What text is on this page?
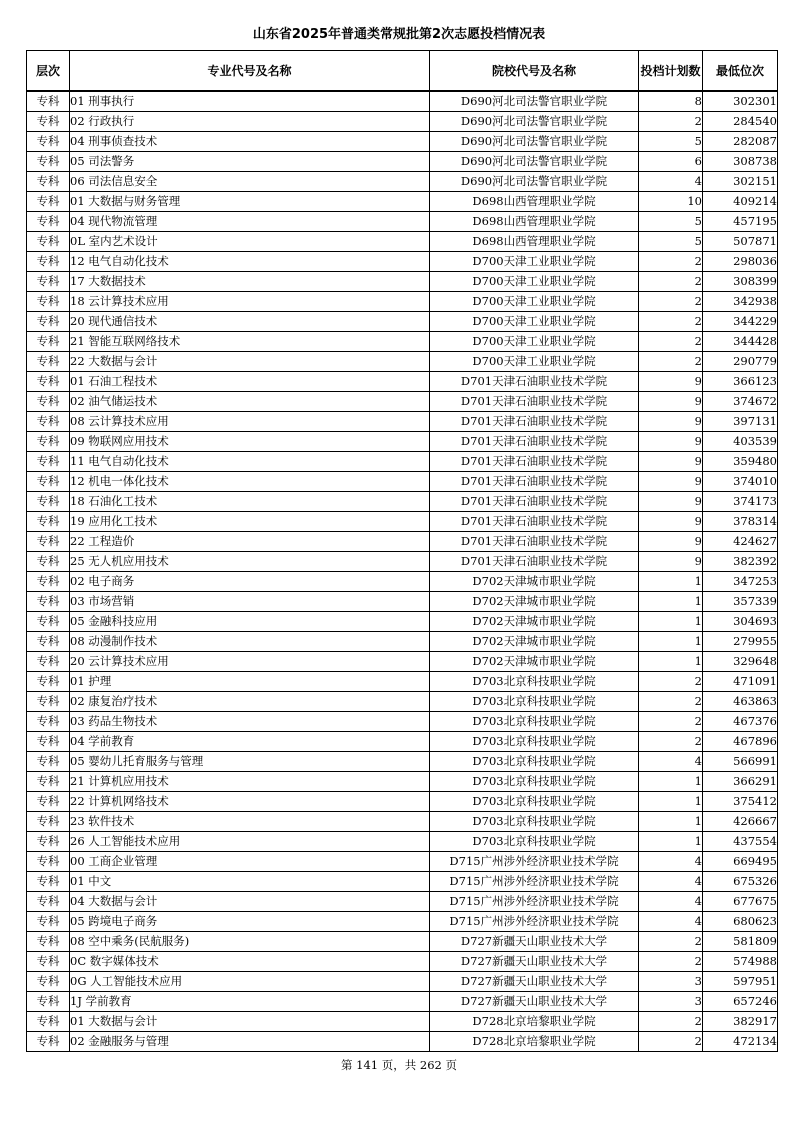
山东省2025年普通类常规批第2次志愿投档情况表
层次	专业代号及名称	院校代号及名称	投档计划数	最低位次
专科	01 刑事执行	D690河北司法警官职业学院	8	302301
专科	02 行政执行	D690河北司法警官职业学院	2	284540
专科	04 刑事侦查技术	D690河北司法警官职业学院	5	282087
专科	05 司法警务	D690河北司法警官职业学院	6	308738
专科	06 司法信息安全	D690河北司法警官职业学院	4	302151
专科	01 大数据与财务管理	D698山西管理职业学院	10	409214
专科	04 现代物流管理	D698山西管理职业学院	5	457195
专科	0L 室内艺术设计	D698山西管理职业学院	5	507871
专科	12 电气自动化技术	D700天津工业职业学院	2	298036
专科	17 大数据技术	D700天津工业职业学院	2	308399
专科	18 云计算技术应用	D700天津工业职业学院	2	342938
专科	20 现代通信技术	D700天津工业职业学院	2	344229
专科	21 智能互联网络技术	D700天津工业职业学院	2	344428
专科	22 大数据与会计	D700天津工业职业学院	2	290779
专科	01 石油工程技术	D701天津石油职业技术学院	9	366123
专科	02 油气储运技术	D701天津石油职业技术学院	9	374672
专科	08 云计算技术应用	D701天津石油职业技术学院	9	397131
专科	09 物联网应用技术	D701天津石油职业技术学院	9	403539
专科	11 电气自动化技术	D701天津石油职业技术学院	9	359480
专科	12 机电一体化技术	D701天津石油职业技术学院	9	374010
专科	18 石油化工技术	D701天津石油职业技术学院	9	374173
专科	19 应用化工技术	D701天津石油职业技术学院	9	378314
专科	22 工程造价	D701天津石油职业技术学院	9	424627
专科	25 无人机应用技术	D701天津石油职业技术学院	9	382392
专科	02 电子商务	D702天津城市职业学院	1	347253
专科	03 市场营销	D702天津城市职业学院	1	357339
专科	05 金融科技应用	D702天津城市职业学院	1	304693
专科	08 动漫制作技术	D702天津城市职业学院	1	279955
专科	20 云计算技术应用	D702天津城市职业学院	1	329648
专科	01 护理	D703北京科技职业学院	2	471091
专科	02 康复治疗技术	D703北京科技职业学院	2	463863
专科	03 药品生物技术	D703北京科技职业学院	2	467376
专科	04 学前教育	D703北京科技职业学院	2	467896
专科	05 婴幼儿托育服务与管理	D703北京科技职业学院	4	566991
专科	21 计算机应用技术	D703北京科技职业学院	1	366291
专科	22 计算机网络技术	D703北京科技职业学院	1	375412
专科	23 软件技术	D703北京科技职业学院	1	426667
专科	26 人工智能技术应用	D703北京科技职业学院	1	437554
专科	00 工商企业管理	D715广州涉外经济职业技术学院	4	669495
专科	01 中文	D715广州涉外经济职业技术学院	4	675326
专科	04 大数据与会计	D715广州涉外经济职业技术学院	4	677675
专科	05 跨境电子商务	D715广州涉外经济职业技术学院	4	680623
专科	08 空中乘务(民航服务)	D727新疆天山职业技术大学	2	581809
专科	0C 数字媒体技术	D727新疆天山职业技术大学	2	574988
专科	0G 人工智能技术应用	D727新疆天山职业技术大学	3	597951
专科	1J 学前教育	D727新疆天山职业技术大学	3	657246
专科	01 大数据与会计	D728北京培黎职业学院	2	382917
专科	02 金融服务与管理	D728北京培黎职业学院	2	472134
第 141 页，共 262 页
